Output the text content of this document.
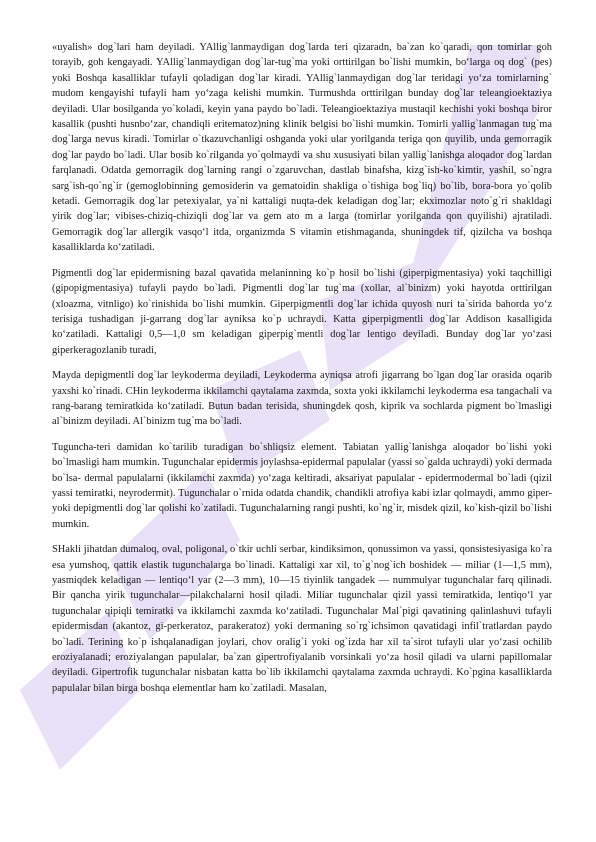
«uyalish» dog`lari ham deyiladi. YAllig`lanmaydigan dog`larda teri qizaradn, ba`zan ko`qaradi, qon tomirlar goh torayib, goh kengayadi. YAllig`lanmaydigan dog`lar-tug`ma yoki orttirilgan bo`lishi mumkin, bo‘larga oq dog` (pes) yoki Boshqa kasalliklar tufayli qoladigan dog`lar kiradi. YAllig`lanmaydigan dog`lar teridagi yo‘za tomirlarning` mudom kengayishi tufayli ham yo‘zaga kelishi mumkin. Turmushda orttirilgan bunday dog`lar teleangioektaziya deyiladi. Ular bosilganda yo`koladi, keyin yana paydo bo`ladi. Teleangioektaziya mustaqil kechishi yoki boshqa biror kasallik (pushti husnbo‘zar, chandiqli eritematoz)ning klinik belgisi bo`lishi mumkin. Tomirli yallig`lanmagan tug`ma dog`larga nevus kiradi. Tomirlar o`tkazuvchanligi oshganda yoki ular yorilganda teriga qon quyilib, unda gemorragik dog`lar paydo bo`ladi. Ular bosib ko`rilganda yo`qolmaydi va shu xususiyati bilan yallig`lanishga aloqador dog`lardan farqlanadi. Odatda gemorragik dog`larning rangi o`zgaruvchan, dastlab binafsha, kizg`ish-ko`kimtir, yashil, so`ngra sarg`ish-qo`ng`ir (gemoglobinning gemosiderin va gematoidin shakliga o`tishiga bog`liq) bo`lib, bora-bora yo`qolib ketadi. Gemorragik dog`lar petexiyalar, ya`ni kattaligi nuqta-dek keladigan dog`lar; ekximozlar noto`g`ri shakldagi yirik dog`lar; vibises-chiziq-chiziqli dog`lar va gem ato m a larga (tomirlar yorilganda qon quyilishi) ajratiladi. Gemorragik dog`lar allergik vasqo‘l itda, organizmda S vitamin etishmaganda, shuningdek tif, qizilcha va boshqa kasalliklarda ko‘zatiladi.

Pigmentli dog`lar epidermisning bazal qavatida melaninning ko`p hosil bo`lishi (giperpigmentasiya) yoki taqchilligi (gipopigmentasiya) tufayli paydo bo`ladi. Pigmentli dog`lar tug`ma (xollar, al`binizm) yoki hayotda orttirilgan (xloazma, vitnligo) ko`rinishida bo`lishi mumkin. Giperpigmentli dog`lar ichida quyosh nuri ta`sirida bahorda yo‘z terisiga tushadigan ji-garrang dog`lar ayniksa ko`p uchraydi. Katta giperpigmentli dog`lar Addison kasalligida ko‘zatiladi. Kattaligi 0,5—1,0 sm keladigan giperpig`mentli dog`lar lentigo deyiladi. Bunday dog`lar yo‘zasi giperkeragozlanib turadi,

Mayda depigmentli dog`lar leykoderma deyiladi, Leykoderma ayniqsa atrofi jigarrang bo`lgan dog`lar orasida oqarib yaxshi ko`rinadi. CHin leykoderma ikkilamchi qaytalama zaxmda, soxta yoki ikkilamchi leykoderma esa tangachali va rang-barang temiratkida ko‘zatiladi. Butun badan terisida, shuningdek qosh, kiprik va sochlarda pigment bo`lmasligi al`binizm deyiladi. Al`binizm tug`ma bo`ladi.

Tuguncha-teri damidan ko`tarilib turadigan bo`shliqsiz element. Tabiatan yallig`lanishga aloqador bo`lishi yoki bo`lmasligi ham mumkin. Tugunchalar epidermis joylashsa-epidermal papulalar (yassi so`galda uchraydi) yoki dermada bo`lsa- dermal papulalarni (ikkilamchi zaxmda) yo‘zaga keltiradi, aksariyat papulalar - epidermodermal bo`ladi (qizil yassi temiratki, neyrodermit). Tugunchalar o`rnida odatda chandik, chandikli atrofiya kabi izlar qolmaydi, ammo giper- yoki depigmentli dog`lar qolishi ko`zatiladi. Tugunchalarning rangi pushti, ko`ng`ir, misdek qizil, ko`kish-qizil bo`lishi mumkin.

SHakli jihatdan dumaloq, oval, poligonal, o`tkir uchli serbar, kindiksimon, qonussimon va yassi, qonsistesiyasiga ko`ra esa yumshoq, qattik elastik tugunchalarga bo`linadi. Kattaligi xar xil, to`g`nog`ich boshidek — miliar (1—1,5 mm), yasmiqdek keladigan — lentiqo‘l yar (2—3 mm), 10—15 tiyinlik tangadek — nummulyar tugunchalar farq qilinadi. Bir qancha yirik tugunchalar—pilakchalarni hosil qiladi. Miliar tugunchalar qizil yassi temiratkida, lentiqo‘l yar tugunchalar qipiqli temiratki va ikkilamchi zaxmda ko‘zatiladi. Tugunchalar Mal`pigi qavatining qalinlashuvi tufayli epidermisdan (akantoz, gi-perkeratoz, parakeratoz) yoki dermaning so`rg`ichsimon qavatidagi infil`tratlardan paydo bo`ladi. Terining ko`p ishqalanadigan joylari, chov oralig`i yoki og`izda har xil ta`sirot tufayli ular yo‘zasi ochilib eroziyalanadi; eroziyalangan papulalar, ba`zan gipertrofiyalanib vorsinkali yo‘za hosil qiladi va ularni papillomalar deyiladi. Gipertrofik tugunchalar nisbatan katta bo`lib ikkilamchi qaytalama zaxmda uchraydi. Ko`pgina kasalliklarda papulalar bilan birga boshqa elementlar ham ko`zatiladi. Masalan,
